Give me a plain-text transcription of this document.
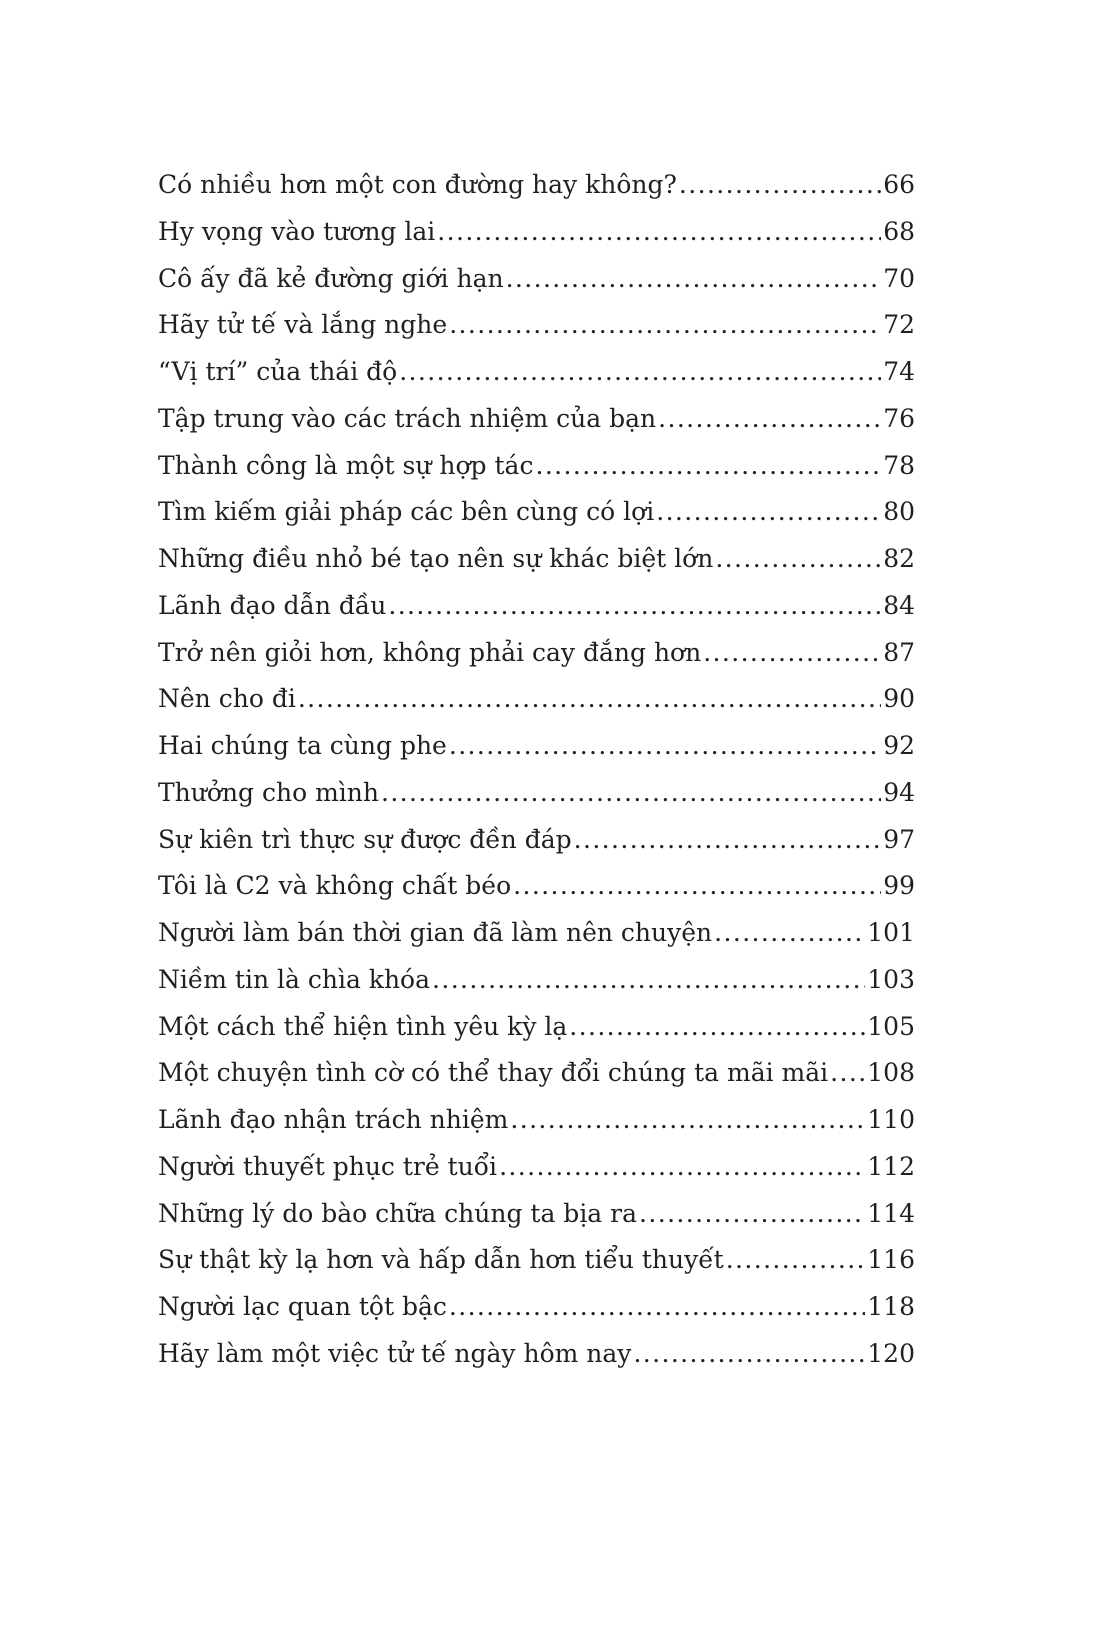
Có nhiều hơn một con đường hay không? .....	66
Hy vọng vào tương lai .....	68
Cô ấy đã kẻ đường giới hạn .....	70
Hãy tử tế và lắng nghe .....	72
“Vị trí” của thái độ .....	74
Tập trung vào các trách nhiệm của bạn .....	76
Thành công là một sự hợp tác .....	78
Tìm kiếm giải pháp các bên cùng có lợi .....	80
Những điều nhỏ bé tạo nên sự khác biệt lớn .....	82
Lãnh đạo dẫn đầu .....	84
Trở nên giỏi hơn, không phải cay đắng hơn .....	87
Nên cho đi .....	90
Hai chúng ta cùng phe .....	92
Thưởng cho mình .....	94
Sự kiên trì thực sự được đền đáp .....	97
Tôi là C2 và không chất béo .....	99
Người làm bán thời gian đã làm nên chuyện .....	101
Niềm tin là chìa khóa .....	103
Một cách thể hiện tình yêu kỳ lạ .....	105
Một chuyện tình cờ có thể thay đổi chúng ta mãi mãi ..... 108
Lãnh đạo nhận trách nhiệm .....	110
Người thuyết phục trẻ tuổi .....	112
Những lý do bào chữa chúng ta bịa ra .....	114
Sự thật kỳ lạ hơn và hấp dẫn hơn tiểu thuyết .....	116
Người lạc quan tột bậc .....	118
Hãy làm một việc tử tế ngày hôm nay .....	120
